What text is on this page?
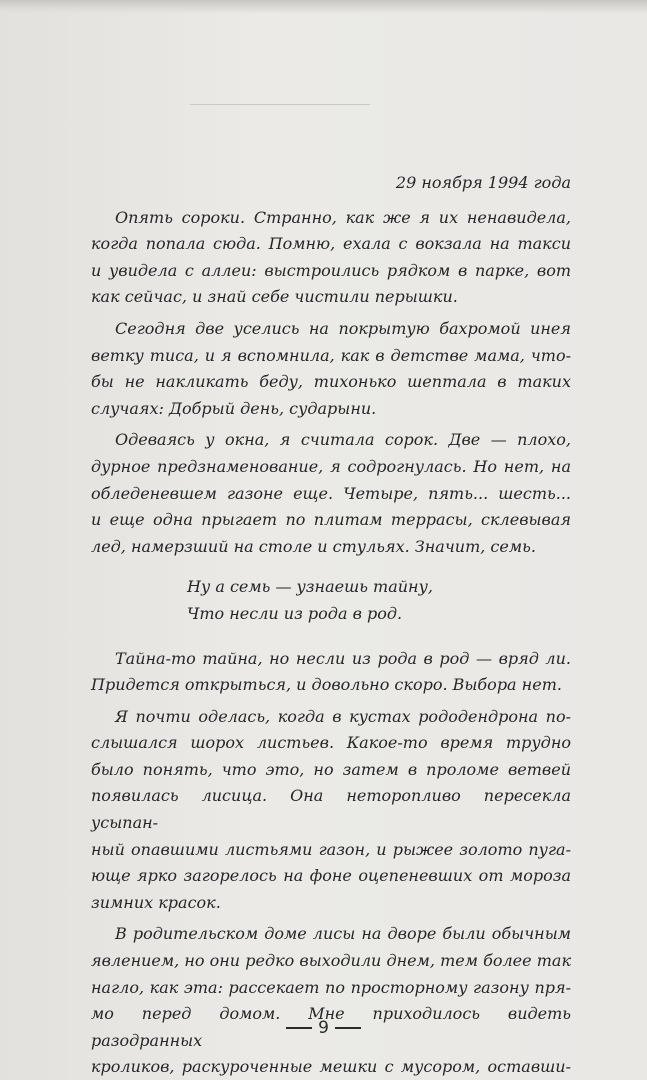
29 ноября 1994 года
Опять сороки. Странно, как же я их ненавидела,
когда попала сюда. Помню, ехала с вокзала на такси
и увидела с аллеи: выстроились рядком в парке, вот
как сейчас, и знай себе чистили перышки.
Сегодня две уселись на покрытую бахромой инея
ветку тиса, и я вспомнила, как в детстве мама, что-
бы не накликать беду, тихонько шептала в таких
случаях: Добрый день, сударыни.
Одеваясь у окна, я считала сорок. Две — плохо,
дурное предзнаменование, я содрогнулась. Но нет, на
обледеневшем газоне еще. Четыре, пять... шесть...
и еще одна прыгает по плитам террасы, склевывая
лед, намерзший на столе и стульях. Значит, семь.
Ну а семь — узнаешь тайну,
Что несли из рода в род.
Тайна-то тайна, но несли из рода в род — вряд ли.
Придется открыться, и довольно скоро. Выбора нет.
Я почти оделась, когда в кустах рододендрона по-
слышался шорох листьев. Какое-то время трудно
было понять, что это, но затем в проломе ветвей
появилась лисица. Она неторопливо пересекла усыпан-
ный опавшими листьями газон, и рыжее золото пуга-
юще ярко загорелось на фоне оцепеневших от мороза
зимних красок.
В родительском доме лисы на дворе были обычным
явлением, но они редко выходили днем, тем более так
нагло, как эта: рассекает по просторному газону пря-
мо перед домом. Мне приходилось видеть разодранных
кроликов, раскуроченные мешки с мусором, оставши-
9
